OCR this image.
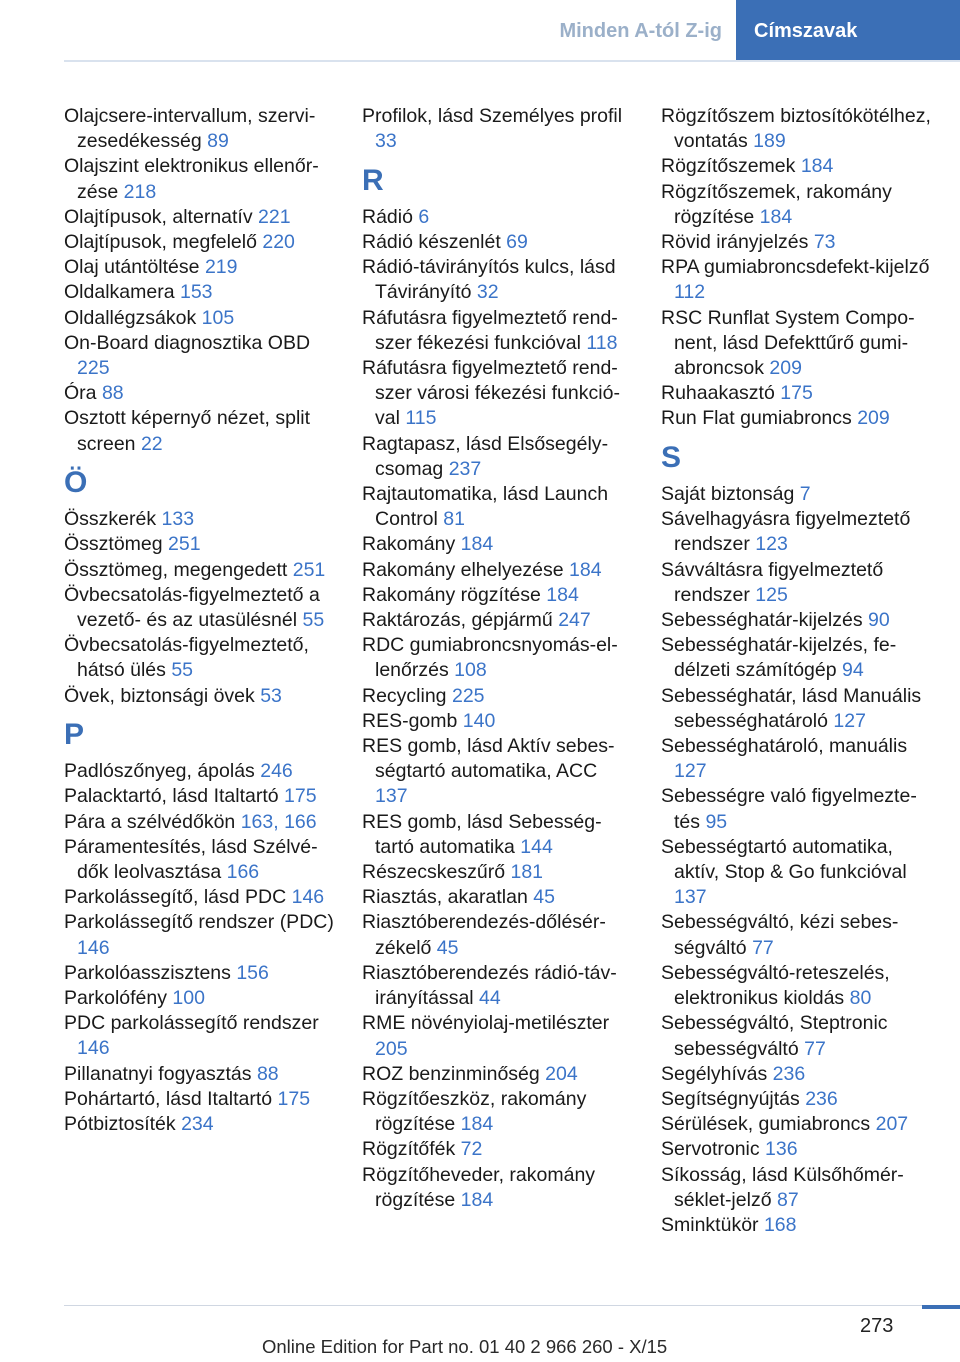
Minden A-tól Z-ig	Címszavak
Olajcsere-intervallum, szervizesedékesség 89
Olajszint elektronikus ellenőrzése 218
Olajtípusok, alternatív 221
Olajtípusok, megfelelő 220
Olaj utántöltése 219
Oldalkamera 153
Oldallégzsákok 105
On-Board diagnosztika OBD 225
Óra 88
Osztott képernyő nézet, split screen 22
Ö
Összkerék 133
Össztömeg 251
Össztömeg, megengedett 251
Övbecsatolás-figyelmeztető a vezető- és az utasülésnél 55
Övbecsatolás-figyelmeztető, hátsó ülés 55
Övek, biztonsági övek 53
P
Padlószőnyeg, ápolás 246
Palacktartó, lásd Italtartó 175
Pára a szélvédőkön 163, 166
Páramentesítés, lásd Szélvédők leolvasztása 166
Parkolássegítő, lásd PDC 146
Parkolássegítő rendszer (PDC) 146
Parkolóasszisztens 156
Parkolófény 100
PDC parkolássegítő rendszer 146
Pillanatnyi fogyasztás 88
Pohártartó, lásd Italtartó 175
Pótbiztosíték 234
Profilok, lásd Személyes profil 33
R
Rádió 6
Rádió készenlét 69
Rádió-távirányítós kulcs, lásd Távirányító 32
Ráfutásra figyelmeztető rendszer fékezési funkcióval 118
Ráfutásra figyelmeztető rendszer városi fékezési funkcióval 115
Ragtapasz, lásd Elsősegélycsomag 237
Rajtautomatika, lásd Launch Control 81
Rakomány 184
Rakomány elhelyezése 184
Rakomány rögzítése 184
Raktározás, gépjármű 247
RDC gumiabroncsnyomás-ellenőrzés 108
Recycling 225
RES-gomb 140
RES gomb, lásd Aktív sebességtartó automatika, ACC 137
RES gomb, lásd Sebességtartó automatika 144
Részecskeszűrő 181
Riasztás, akaratlan 45
Riasztóberendezés-dőlésérzékelő 45
Riasztóberendezés rádió-távirányítással 44
RME növényiolaj-metilészter 205
ROZ benzinminőség 204
Rögzítőeszköz, rakomány rögzítése 184
Rögzítőfék 72
Rögzítőheveder, rakomány rögzítése 184
Rögzítőszem biztosítókötélhez, vontatás 189
Rögzítőszemek 184
Rögzítőszemek, rakomány rögzítése 184
Rövid irányjelzés 73
RPA gumiabroncsdefekt-kijelző 112
RSC Runflat System Component, lásd Defekttűrő gumiabroncsok 209
Ruhaakasztó 175
Run Flat gumiabroncs 209
S
Saját biztonság 7
Sávelhagyásra figyelmeztető rendszer 123
Sávváltásra figyelmeztető rendszer 125
Sebességhatár-kijelzés 90
Sebességhatár-kijelzés, fedélzeti számítógép 94
Sebességhatár, lásd Manuális sebességhatároló 127
Sebességhatároló, manuális 127
Sebességre való figyelmeztetés 95
Sebességtartó automatika, aktív, Stop & Go funkcióval 137
Sebességváltó, kézi sebességváltó 77
Sebességváltó-reteszelés, elektronikus kioldás 80
Sebességváltó, Steptronic sebességváltó 77
Segélyhívás 236
Segítségnyújtás 236
Sérülések, gumiabroncs 207
Servotronic 136
Síkosság, lásd Külsőhőmérséklet-jelző 87
Sminktükör 168
273
Online Edition for Part no. 01 40 2 966 260 - X/15
